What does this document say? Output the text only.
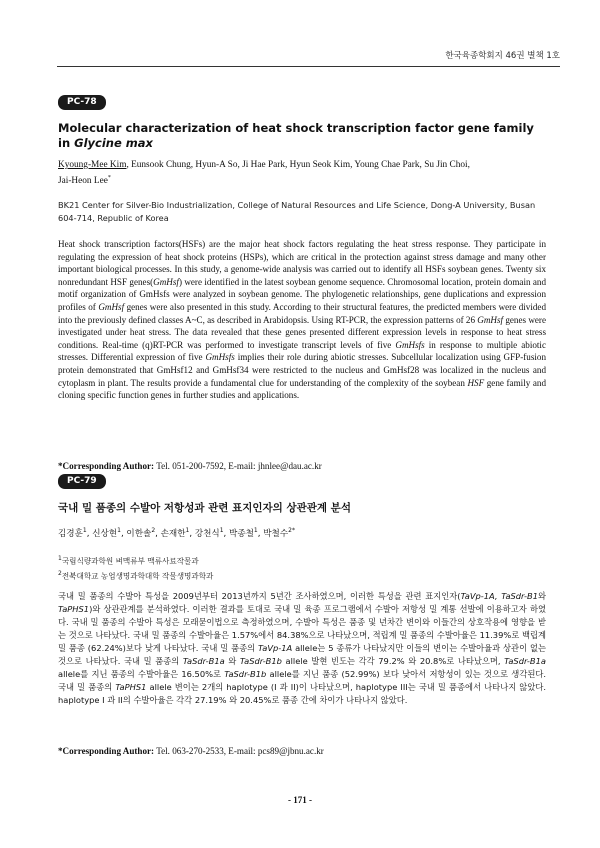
한국육종학회지 46권 별책 1호
PC-78
Molecular characterization of heat shock transcription factor gene family in Glycine max
Kyoung-Mee Kim, Eunsook Chung, Hyun-A So, Ji Hae Park, Hyun Seok Kim, Young Chae Park, Su Jin Choi,
Jai-Heon Lee*
BK21 Center for Silver-Bio Industrialization, College of Natural Resources and Life Science, Dong-A University, Busan 604-714, Republic of Korea
Heat shock transcription factors(HSFs) are the major heat shock factors regulating the heat stress response. They participate in regulating the expression of heat shock proteins (HSPs), which are critical in the protection against stress damage and many other important biological processes. In this study, a genome-wide analysis was carried out to identify all HSFs soybean genes. Twenty six nonredundant HSF genes(GmHsf) were identified in the latest soybean genome sequence. Chromosomal location, protein domain and motif organization of GmHsfs were analyzed in soybean genome. The phylogenetic relationships, gene duplications and expression profiles of GmHsf genes were also presented in this study. According to their structural features, the predicted members were divided into the previously defined classes A~C, as described in Arabidopsis. Using RT-PCR, the expression patterns of 26 GmHsf genes were investigated under heat stress. The data revealed that these genes presented different expression levels in response to heat stress conditions. Real-time (q)RT-PCR was performed to investigate transcript levels of five GmHsfs in response to multiple abiotic stresses. Differential expression of five GmHsfs implies their role during abiotic stresses. Subcellular localization using GFP-fusion protein demonstrated that GmHsf12 and GmHsf34 were restricted to the nucleus and GmHsf28 was localized in the nucleus and cytoplasm in plant. The results provide a fundamental clue for understanding of the complexity of the soybean HSF gene family and cloning specific function genes in further studies and applications.
*Corresponding Author: Tel. 051-200-7592, E-mail: jhnlee@dau.ac.kr
PC-79
국내 밀 품종의 수발아 저항성과 관련 표지인자의 상관관계 분석
김경훈$^1$, 신상현$^1$, 이한솔$^2$, 손재한$^1$, 강천식$^1$, 박종철$^1$, 박철수$^{2*}$
$^1$국립식량과학원 벼맥류부 맥류사료작물과
$^2$전북대학교 농업생명과학대학 작물생명과학과
국내 밀 품종의 수발아 특성을 2009년부터 2013년까지 5년간 조사하였으며, 이러한 특성을 관련 표지인자(TaVp-1A, TaSdr-B1와 TaPHS1)와 상관관계를 분석하였다. 이러한 결과를 토대로 국내 밀 육종 프로그램에서 수발아 저항성 밀 계통 선발에 이용하고자 하였다. 국내 밀 품종의 수발아 특성은 모래묻이법으로 측정하였으며, 수발아 특성은 품종 및 년차간 변이와 이들간의 상호작용에 영향을 받는 것으로 나타났다. 국내 밀 품종의 수발아율은 1.57%에서 84.38%으로 나타났으며, 적립계 밀 품종의 수발아율은 11.39%로 백립계 밀 품종 (62.24%)보다 낮게 나타났다. 국내 밀 품종의 TaVp-1A allele는 5 종류가 나타났지만 이들의 변이는 수발아율과 상관이 없는 것으로 나타났다. 국내 밀 품종의 TaSdr-B1a 와 TaSdr-B1b allele 발현 빈도는 각각 79.2% 와 20.8%로 나타났으며, TaSdr-B1a allele를 지닌 품종의 수발아율은 16.50%로 TaSdr-B1b allele를 지닌 품종 (52.99%) 보다 낮아서 저항성이 있는 것으로 생각된다. 국내 밀 품종의 TaPHS1 allele 변이는 2개의 haplotype (I 과 II)이 나타났으며, haplotype III는 국내 밀 품종에서 나타나지 않았다. haplotype I 과 II의 수발아율은 각각 27.19% 와 20.45%로 품종 간에 차이가 나타나지 않았다.
*Corresponding Author: Tel. 063-270-2533, E-mail: pcs89@jbnu.ac.kr
- 171 -
